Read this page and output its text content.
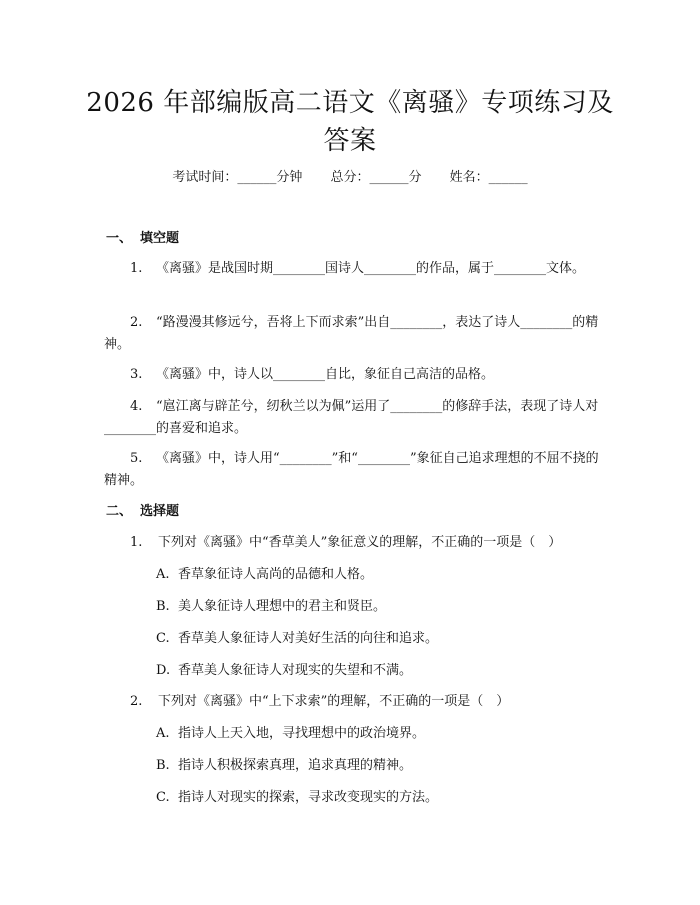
2026 年部编版高二语文《离骚》专项练习及
答案
考试时间：______分钟 总分：______分 姓名：______
一、 填空题
1. 《离骚》是战国时期________国诗人________的作品，属于________文体。
2. “路漫漫其修远兮，吾将上下而求索”出自________，表达了诗人________的精神。
3. 《离骚》中，诗人以________自比，象征自己高洁的品格。
4. “扈江离与辟芷兮，纫秋兰以为佩”运用了________的修辞手法，表现了诗人对________的喜爱和追求。
5. 《离骚》中，诗人用“________”和“________”象征自己追求理想的不屈不挠的精神。
二、 选择题
1. 下列对《离骚》中“香草美人”象征意义的理解，不正确的一项是（　）
A. 香草象征诗人高尚的品德和人格。
B. 美人象征诗人理想中的君主和贤臣。
C. 香草美人象征诗人对美好生活的向往和追求。
D. 香草美人象征诗人对现实的失望和不满。
2. 下列对《离骚》中“上下求索”的理解，不正确的一项是（　）
A. 指诗人上天入地，寻找理想中的政治境界。
B. 指诗人积极探索真理，追求真理的精神。
C. 指诗人对现实的探索，寻求改变现实的方法。
